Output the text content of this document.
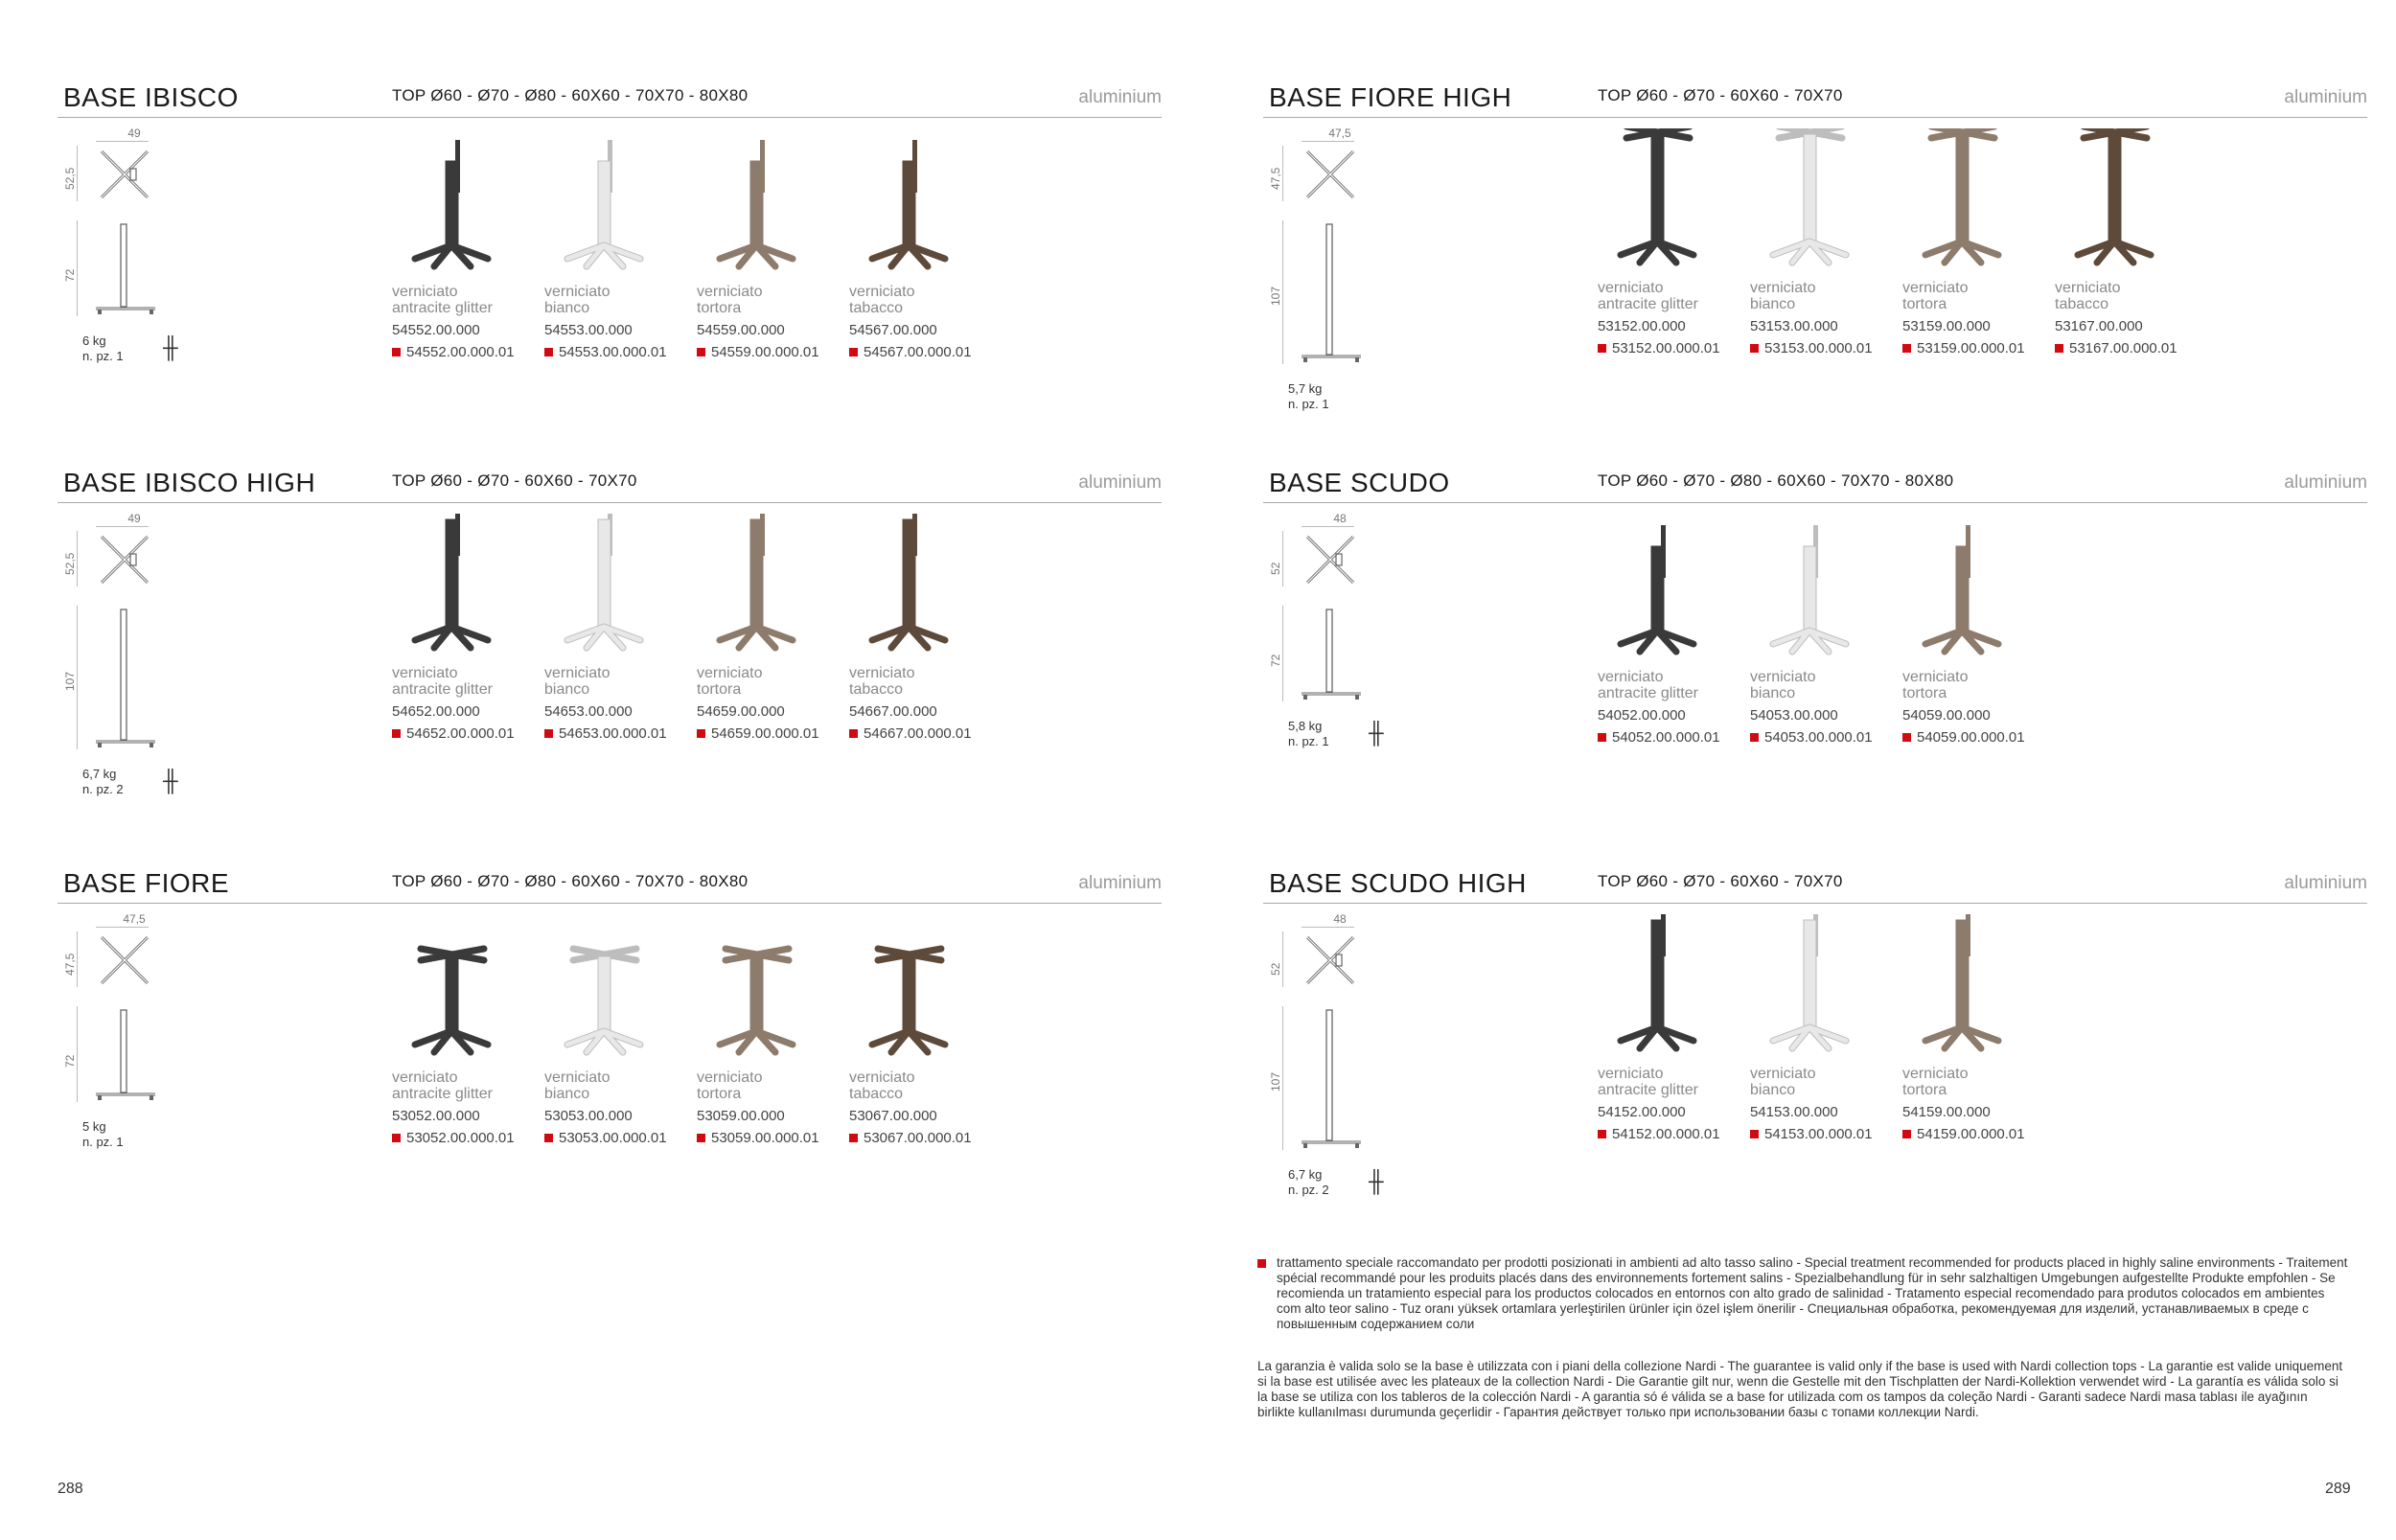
BASE IBISCO	TOP Ø60 - Ø70 - Ø80 - 60X60 - 70X70 - 80X80	aluminium
49
52,5
72
6 kg
n. pz. 1 ╫
verniciato
antracite glitter
54552.00.000
54552.00.000.01
verniciato
bianco
54553.00.000
54553.00.000.01
verniciato
tortora
54559.00.000
54559.00.000.01
verniciato
tabacco
54567.00.000
54567.00.000.01
BASE IBISCO HIGH	TOP Ø60 - Ø70 - 60X60 - 70X70	aluminium
49
52,5
107
6,7 kg
n. pz. 2 ╫
verniciato
antracite glitter
54652.00.000
54652.00.000.01
verniciato
bianco
54653.00.000
54653.00.000.01
verniciato
tortora
54659.00.000
54659.00.000.01
verniciato
tabacco
54667.00.000
54667.00.000.01
BASE FIORE	TOP Ø60 - Ø70 - Ø80 - 60X60 - 70X70 - 80X80	aluminium
47,5
47,5
72
5 kg
n. pz. 1
verniciato
antracite glitter
53052.00.000
53052.00.000.01
verniciato
bianco
53053.00.000
53053.00.000.01
verniciato
tortora
53059.00.000
53059.00.000.01
verniciato
tabacco
53067.00.000
53067.00.000.01
BASE FIORE HIGH	TOP Ø60 - Ø70 - 60X60 - 70X70	aluminium
47,5
47,5
107
5,7 kg
n. pz. 1
verniciato
antracite glitter
53152.00.000
53152.00.000.01
verniciato
bianco
53153.00.000
53153.00.000.01
verniciato
tortora
53159.00.000
53159.00.000.01
verniciato
tabacco
53167.00.000
53167.00.000.01
BASE SCUDO	TOP Ø60 - Ø70 - Ø80 - 60X60 - 70X70 - 80X80	aluminium
48
52
72
5,8 kg
n. pz. 1 ╫
verniciato
antracite glitter
54052.00.000
54052.00.000.01
verniciato
bianco
54053.00.000
54053.00.000.01
verniciato
tortora
54059.00.000
54059.00.000.01
BASE SCUDO HIGH	TOP Ø60 - Ø70 - 60X60 - 70X70	aluminium
48
52
107
6,7 kg
n. pz. 2 ╫
verniciato
antracite glitter
54152.00.000
54152.00.000.01
verniciato
bianco
54153.00.000
54153.00.000.01
verniciato
tortora
54159.00.000
54159.00.000.01
trattamento speciale raccomandato per prodotti posizionati in ambienti ad alto tasso salino - Special treatment recommended for products placed in highly saline environments - Traitement spécial recommandé pour les produits placés dans des environnements fortement salins - Spezialbehandlung für in sehr salzhaltigen Umgebungen aufgestellte Produkte empfohlen - Se recomienda un tratamiento especial para los productos colocados en entornos con alto grado de salinidad - Tratamento especial recomendado para produtos colocados em ambientes com alto teor salino - Tuz oranı yüksek ortamlara yerleştirilen ürünler için özel işlem önerilir - Специальная обработка, рекомендуемая для изделий, устанавливаемых в среде с повышенным содержанием соли
La garanzia è valida solo se la base è utilizzata con i piani della collezione Nardi - The guarantee is valid only if the base is used with Nardi collection tops - La garantie est valide uniquement si la base est utilisée avec les plateaux de la collection Nardi - Die Garantie gilt nur, wenn die Gestelle mit den Tischplatten der Nardi-Kollektion verwendet wird - La garantía es válida solo si la base se utiliza con los tableros de la colección Nardi - A garantia só é válida se a base for utilizada com os tampos da coleção Nardi - Garanti sadece Nardi masa tablası ile ayağının birlikte kullanılması durumunda geçerlidir - Гарантия действует только при использовании базы с топами коллекции Nardi.
288	289
